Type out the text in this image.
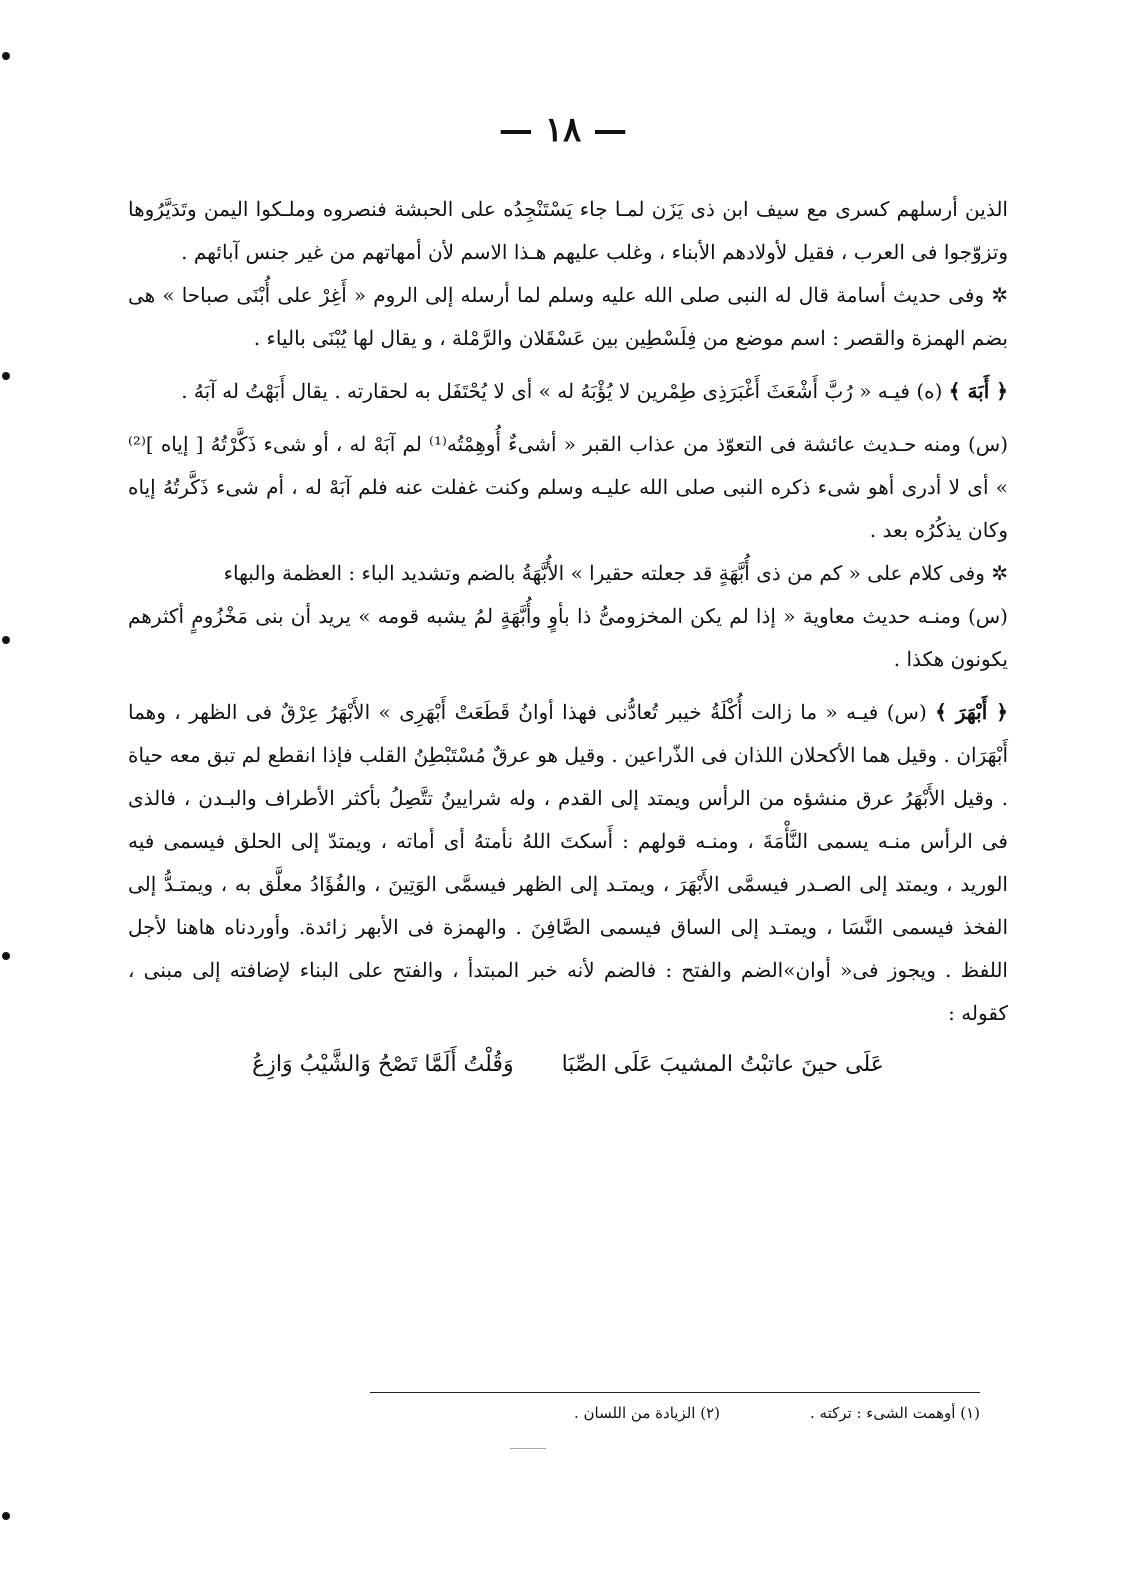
— ١٨ —

الذين أرسلهم كسرى مع سيف ابن ذى يَزَن لمـا جاء يَسْتَنْجِدُه على الحبشة فنصروه وملـكوا اليمن وتَدَيَّرُوها وتزوّجوا فى العرب ، فقيل لأولادهم الأبناء ، وغلب عليهم هـذا الاسم لأن أمهاتهم من غير جنس آبائهم .

✲ وفى حديث أسامة قال له النبى صلى الله عليه وسلم لما أرسله إلى الروم « أَغِرْ على أُبْنَى صباحا » هى بضم الهمزة والقصر : اسم موضع من فِلَسْطِين بين عَسْقَلان والرَّمْلة ، و يقال لها يُبْنَى بالياء .

﴿ أَبَهَ ﴾ (ه) فيـه « رُبَّ أَشْعَثَ أَغْبَرَذِى طِمْرين لا يُؤْبَهُ له » أى لا يُحْتَفَل به لحقارته . يقال أَبَهْتُ له آبَهُ .

(س) ومنه حـديث عائشة فى التعوّذ من عذاب القبر « أشىءٌ أُوهِمْتُه⁽¹⁾ لم آبَهْ له ، أو شىء ذَكَّرْتُهُ [ إياه ]⁽²⁾ » أى لا أدرى أهو شىء ذكره النبى صلى الله عليـه وسلم وكنت غفلت عنه فلم آبَهْ له ، أم شىء ذَكَّرتُهُ إياه وكان يذكُرُه بعد .

✲ وفى كلام على « كم من ذى أُبَّهَةٍ قد جعلته حقيرا » الأُبَّهَةُ بالضم وتشديد الباء : العظمة والبهاء

(س) ومنـه حديث معاوية « إذا لم يكن المخزومىُّ ذا بأوٍ وأُبَّهَةٍ لمُ يشبه قومه » يريد أن بنى مَخْزُومٍ أكثرهم يكونون هكذا .

﴿ أَبْهَرَ ﴾ (س) فيـه « ما زالت أُكْلَةُ خيبر تُعادُّنى فهذا أوانُ قَطَعَتْ أَبْهَرِى » الأَبْهَرُ عِرْقٌ فى الظهر ، وهما أَبْهَرَان . وقيل هما الأكحلان اللذان فى الذّراعين . وقيل هو عرقٌ مُسْتَبْطِنُ القلب فإذا انقطع لم تبق معه حياة . وقيل الأَبْهَرُ عرق منشؤه من الرأس ويمتد إلى القدم ، وله شرايينُ تتَّصِلُ بأكثر الأطراف والبـدن ، فالذى فى الرأس منـه يسمى النَّأْمَةَ ، ومنـه قولهم : أَسكتَ اللهُ نأمتهُ أى أماته ، ويمتدّ إلى الحلق فيسمى فيه الوريد ، ويمتد إلى الصـدر فيسمَّى الأَبْهَرَ ، ويمتـد إلى الظهر فيسمَّى الوَتِينَ ، والفُؤَادُ معلَّق به ، ويمتـدُّ إلى الفخذ فيسمى النَّسَا ، ويمتـد إلى الساق فيسمى الصَّافِنَ . والهمزة فى الأبهر زائدة. وأوردناه هاهنا لأجل اللفظ . ويجوز فى« أوان»الضم والفتح : فالضم لأنه خبر المبتدأ ، والفتح على البناء لإضافته إلى مبنى ، كقوله :

عَلَى حينَ عاتبْتُ المشيبَ عَلَى الصِّبَا
وَقُلْتُ أَلَمَّا تَصْحُ وَالشَّيْبُ وَازِعُ
(١) أوهمت الشىء : تركته .
(٢) الزيادة من اللسان .
